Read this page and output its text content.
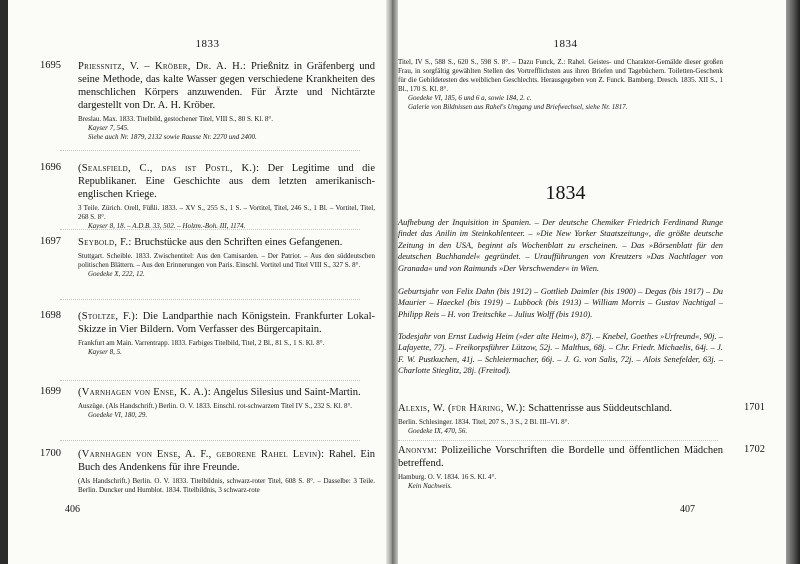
1833
1695 Priessnitz, V. – Kröber, Dr. A. H.: Prießnitz in Gräfenberg und seine Methode, das kalte Wasser gegen verschiedene Krankheiten des menschlichen Körpers anzuwenden. Für Ärzte und Nichtärzte dargestellt von Dr. A. H. Kröber.

Breslau. Max. 1833. Titelbild, gestochener Titel, VIII S., 80 S. Kl. 8°.

Kayser 7, 545.

Siehe auch Nr. 1879, 2132 sowie Rausse Nr. 2270 und 2400.

1696 (Sealsfield, C., das ist Postl, K.): Der Legitime und die Republikaner. Eine Geschichte aus dem letzten amerikanisch-englischen Kriege.

3 Teile. Zürich. Orell, Füßli. 1833. – XV S., 255 S., 1 S. – Vortitel, Titel, 246 S., 1 Bl. – Vortitel, Titel, 268 S. 8°.

Kayser 8, 18. – A.D.B. 33, 502. – Holzm.-Boh. III, 1174.

1697 Seybold, F.: Bruchstücke aus den Schriften eines Gefangenen.

Stuttgart. Scheible. 1833. Zwischentitel: Aus den Camisarden. – Der Patriot. – Aus den süddeutschen politischen Blättern. – Aus den Erinnerungen von Paris. Einschl. Vortitel und Titel VIII S., 327 S. 8°.

Goedeke X, 222, 12.

1698 (Stoltze, F.): Die Landparthie nach Königstein. Frankfurter Lokal-Skizze in Vier Bildern. Vom Verfasser des Bürgercapitain.

Frankfurt am Main. Varrentrapp. 1833. Farbiges Titelbild, Titel, 2 Bl., 81 S., 1 S. Kl. 8°.

Kayser 8, 5.

1699 (Varnhagen von Ense, K. A.): Angelus Silesius und Saint-Martin.

Auszüge. (Als Handschrift.) Berlin. O. V. 1833. Einschl. rot-schwarzem Titel IV S., 232 S. Kl. 8°.

Goedeke VI, 180, 29.

1700 (Varnhagen von Ense, A. F., geborene Rahel Levin): Rahel. Ein Buch des Andenkens für ihre Freunde.

(Als Handschrift.) Berlin. O. V. 1833. Titelbildnis, schwarz-roter Titel, 608 S. 8°. – Dasselbe: 3 Teile. Berlin. Duncker und Humblot. 1834. Titelbildnis, 3 schwarz-rote

406
1834

Titel, IV S., 588 S., 620 S., 598 S. 8°. – Dazu Funck, Z.: Rahel. Geistes- und Charakter-Gemälde dieser großen Frau, in sorgfältig gewählten Stellen des Vortrefflichsten aus ihren Briefen und Tagebüchern. Toiletten-Geschenk für die Gebildetesten des weiblichen Geschlechts. Herausgegeben von Z. Funck. Bamberg. Dresch. 1835. XII S., 1 Bl., 170 S. Kl. 8°.

Goedeke VI, 185, 6 und 6 a, sowie 184, 2. c.

Galerie von Bildnissen aus Rahel's Umgang und Briefwechsel, siehe Nr. 1817.

1834

Aufhebung der Inquisition in Spanien. – Der deutsche Chemiker Friedrich Ferdinand Runge findet das Anilin im Steinkohlenteer. – »Die New Yorker Staatszeitung«, die größte deutsche Zeitung in den USA, beginnt als Wochenblatt zu erscheinen. – Das »Börsenblatt für den deutschen Buchhandel« gegründet. – Uraufführungen von Kreutzers »Das Nachtlager von Granada« und von Raimunds »Der Verschwender« in Wien.

Geburtsjahr von Felix Dahn (bis 1912) – Gottlieb Daimler (bis 1900) – Degas (bis 1917) – Du Maurier – Haeckel (bis 1919) – Lubbock (bis 1913) – William Morris – Gustav Nachtigal – Philipp Reis – H. von Treitschke – Julius Wolff (bis 1910).

Todesjahr von Ernst Ludwig Heim (»der alte Heim«), 87j. – Knebel, Goethes »Urfreund«, 90j. – Lafayette, 77j. – Freikorpsführer Lützow, 52j. – Malthus, 68j. – Chr. Friedr. Michaelis, 64j. – J. F. W. Pustkuchen, 41j. – Schleiermacher, 66j. – J. G. von Salis, 72j. – Alois Senefelder, 63j. – Charlotte Stieglitz, 28j. (Freitod).

1701

Alexis, W. (für Häring, W.): Schattenrisse aus Süddeutschland.

Berlin. Schlesinger. 1834. Titel, 207 S., 3 S., 2 Bl. III–VI. 8°.

Goedeke IX, 470, 56.

1702

Anonym: Polizeiliche Vorschriften die Bordelle und öffentlichen Mädchen betreffend.

Hamburg. O. V. 1834. 16 S. Kl. 4°.

Kein Nachweis.

407
